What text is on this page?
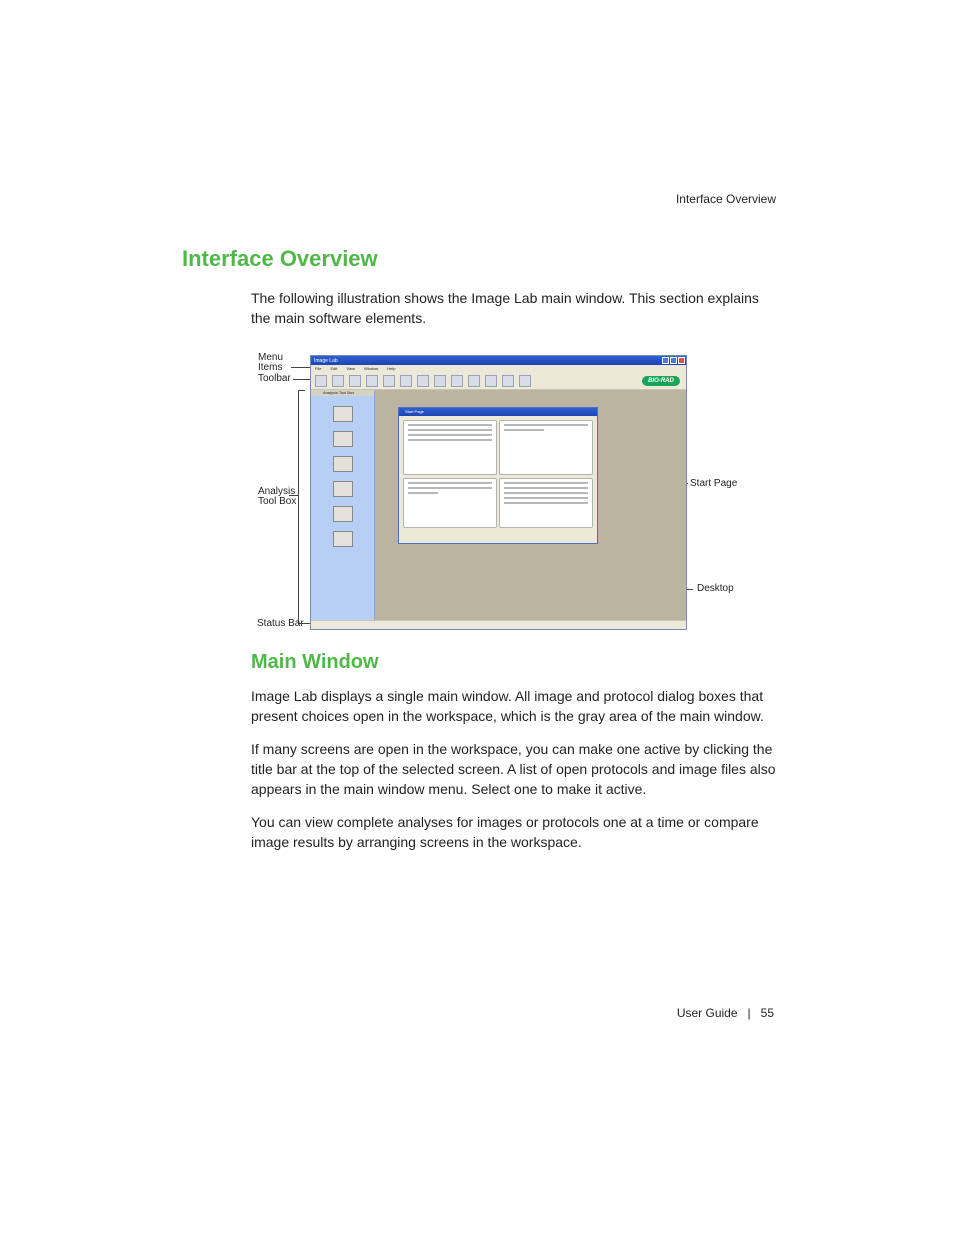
Interface Overview
Interface Overview
The following illustration shows the Image Lab main window. This section explains the main software elements.
Menu
Items
Toolbar
Analysis
Tool Box
Status Bar
Start Page
Desktop
Image Lab
File Edit View Window Help
BIO-RAD
Analysis Tool Box
Start Page
Main Window
Image Lab displays a single main window. All image and protocol dialog boxes that present choices open in the workspace, which is the gray area of the main window.
If many screens are open in the workspace, you can make one active by clicking the title bar at the top of the selected screen. A list of open protocols and image files also appears in the main window menu. Select one to make it active.
You can view complete analyses for images or protocols one at a time or compare image results by arranging screens in the workspace.
User Guide | 55
